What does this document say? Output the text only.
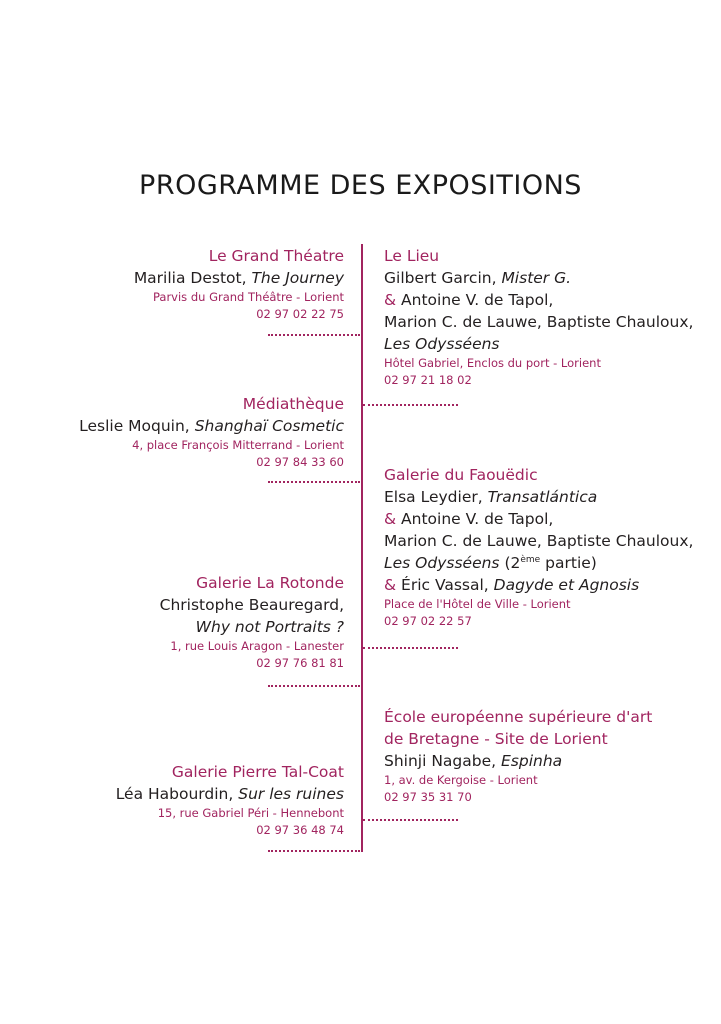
PROGRAMME DES EXPOSITIONS
Le Grand Théatre
Marilia Destot, The Journey
Parvis du Grand Théâtre - Lorient
02 97 02 22 75
Médiathèque
Leslie Moquin, Shanghaï Cosmetic
4, place François Mitterrand - Lorient
02 97 84 33 60
Galerie La Rotonde
Christophe Beauregard,
Why not Portraits ?
1, rue Louis Aragon - Lanester
02 97 76 81 81
Galerie Pierre Tal-Coat
Léa Habourdin, Sur les ruines
15, rue Gabriel Péri - Hennebont
02 97 36 48 74
Le Lieu
Gilbert Garcin, Mister G.
& Antoine V. de Tapol,
Marion C. de Lauwe, Baptiste Chauloux,
Les Odysséens
Hôtel Gabriel, Enclos du port - Lorient
02 97 21 18 02
Galerie du Faouëdic
Elsa Leydier, Transatlántica
& Antoine V. de Tapol,
Marion C. de Lauwe, Baptiste Chauloux,
Les Odysséens (2ème partie)
& Éric Vassal, Dagyde et Agnosis
Place de l'Hôtel de Ville - Lorient
02 97 02 22 57
École européenne supérieure d'art
de Bretagne - Site de Lorient
Shinji Nagabe, Espinha
1, av. de Kergoise - Lorient
02 97 35 31 70
